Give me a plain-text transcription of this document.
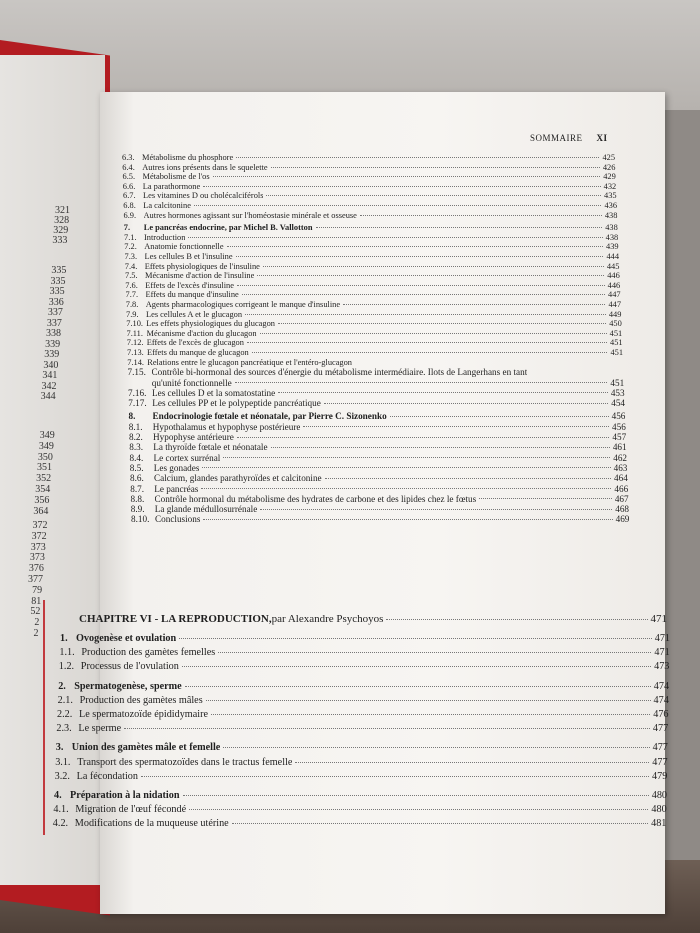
321
328
329
333
335
335
335
336
337
337
338
339
339
340
341
342
344
349
349
350
351
352
354
356
364
372
372
373
373
376
377
79
81
52
2
2
SOMMAIRE XI
6.3. Métabolisme du phosphore	425
6.4. Autres ions présents dans le squelette	426
6.5. Métabolisme de l'os	429
6.6. La parathormone	432
6.7. Les vitamines D ou cholécalciférols	435
6.8. La calcitonine	436
6.9. Autres hormones agissant sur l'homéostasie minérale et osseuse	438
7.	Le pancréas endocrine, par Michel B. Vallotton	438
7.1. Introduction	438
7.2. Anatomie fonctionnelle	439
7.3. Les cellules B et l'insuline	444
7.4. Effets physiologiques de l'insuline	445
7.5. Mécanisme d'action de l'insuline	446
7.6. Effets de l'excès d'insuline	446
7.7. Effets du manque d'insuline	447
7.8. Agents pharmacologiques corrigeant le manque d'insuline	447
7.9. Les cellules A et le glucagon	449
7.10. Les effets physiologiques du glucagon	450
7.11. Mécanisme d'action du glucagon	451
7.12. Effets de l'excès de glucagon	451
7.13. Effets du manque de glucagon	451
7.14. Relations entre le glucagon pancréatique et l'entéro-glucagon
7.15. Contrôle bi-hormonal des sources d'énergie du métabolisme intermédiaire. Ilots de Langerhans en tant
qu'unité fonctionnelle	451
7.16. Les cellules D et la somatostatine	453
7.17. Les cellules PP et le polypeptide pancréatique	454
8.	Endocrinologie fœtale et néonatale, par Pierre C. Sizonenko	456
8.1.	Hypothalamus et hypophyse postérieure	456
8.2.	Hypophyse antérieure	457
8.3.	La thyroïde fœtale et néonatale	461
8.4.	Le cortex surrénal	462
8.5.	Les gonades	463
8.6.	Calcium, glandes parathyroïdes et calcitonine	464
8.7.	Le pancréas	466
8.8.	Contrôle hormonal du métabolisme des hydrates de carbone et des lipides chez le fœtus	467
8.9.	La glande médullosurrénale	468
8.10. Conclusions	469
CHAPITRE VI - LA REPRODUCTION, par Alexandre Psychoyos	471
1. Ovogenèse et ovulation	471
1.1. Production des gamètes femelles	471
1.2. Processus de l'ovulation	473
2. Spermatogenèse, sperme	474
2.1. Production des gamètes mâles	474
2.2. Le spermatozoïde épididymaire	476
2.3. Le sperme	477
3. Union des gamètes mâle et femelle	477
3.1. Transport des spermatozoïdes dans le tractus femelle	477
3.2. La fécondation	479
4. Préparation à la nidation	480
4.1. Migration de l'œuf fécondé	480
4.2. Modifications de la muqueuse utérine	481
